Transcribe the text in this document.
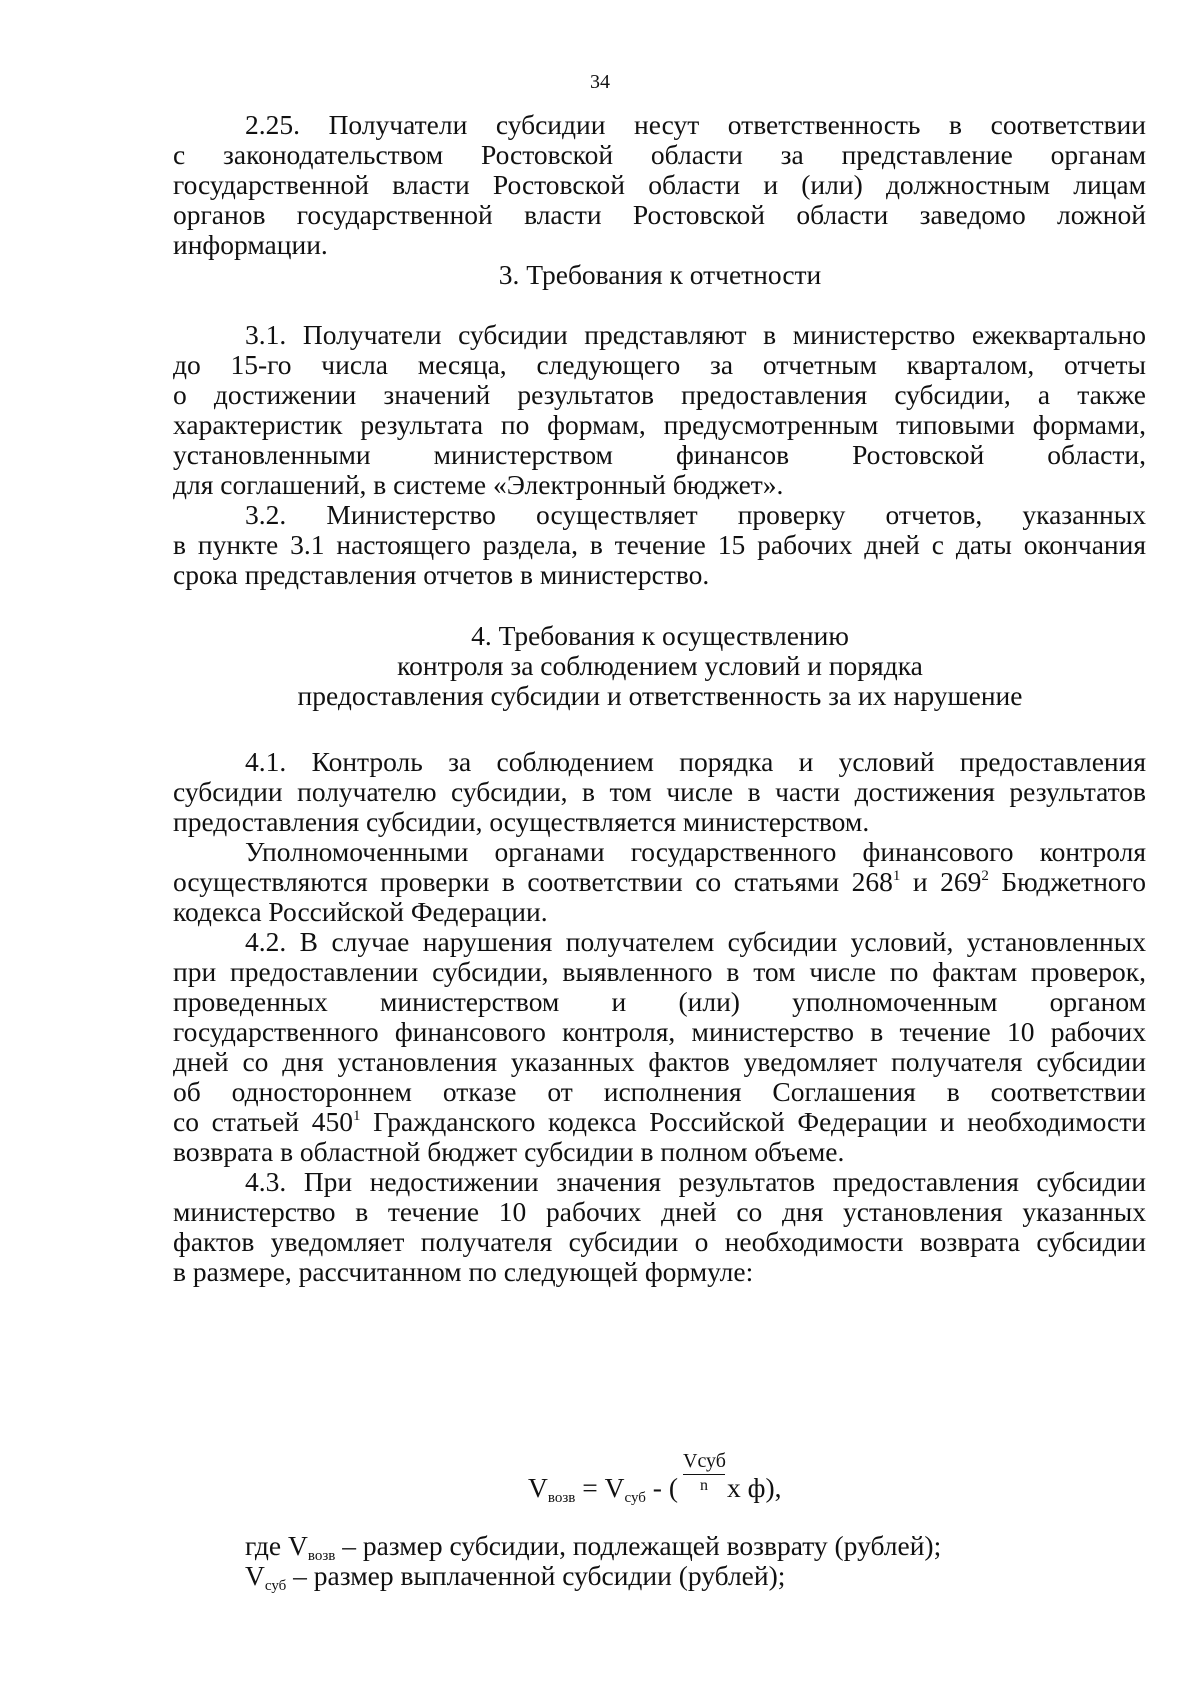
34
2.25. Получатели субсидии несут ответственность в соответствии
с законодательством Ростовской области за представление органам
государственной власти Ростовской области и (или) должностным лицам
органов государственной власти Ростовской области заведомо ложной
информации.
3. Требования к отчетности
3.1. Получатели субсидии представляют в министерство ежеквартально
до 15-го числа месяца, следующего за отчетным кварталом, отчеты
о достижении значений результатов предоставления субсидии, а также
характеристик результата по формам, предусмотренным типовыми формами,
установленными министерством финансов Ростовской области,
для соглашений, в системе «Электронный бюджет».
3.2. Министерство осуществляет проверку отчетов, указанных
в пункте 3.1 настоящего раздела, в течение 15 рабочих дней с даты окончания
срока представления отчетов в министерство.
4. Требования к осуществлению
контроля за соблюдением условий и порядка
предоставления субсидии и ответственность за их нарушение
4.1. Контроль за соблюдением порядка и условий предоставления
субсидии получателю субсидии, в том числе в части достижения результатов
предоставления субсидии, осуществляется министерством.
Уполномоченными органами государственного финансового контроля
осуществляются проверки в соответствии со статьями $268^1$ и $269^2$ Бюджетного
кодекса Российской Федерации.
4.2. В случае нарушения получателем субсидии условий, установленных
при предоставлении субсидии, выявленного в том числе по фактам проверок,
проведенных министерством и (или) уполномоченным органом
государственного финансового контроля, министерство в течение 10 рабочих
дней со дня установления указанных фактов уведомляет получателя субсидии
об одностороннем отказе от исполнения Соглашения в соответствии
со статьей $450^1$ Гражданского кодекса Российской Федерации и необходимости
возврата в областной бюджет субсидии в полном объеме.
4.3. При недостижении значения результатов предоставления субсидии
министерство в течение 10 рабочих дней со дня установления указанных
фактов уведомляет получателя субсидии о необходимости возврата субсидии
в размере, рассчитанном по следующей формуле:
$V_{возв} = V_{суб}$ - (
Vсуб
n х ф),
где $V_{возв}$ – размер субсидии, подлежащей возврату (рублей);
$V_{суб}$ – размер выплаченной субсидии (рублей);
